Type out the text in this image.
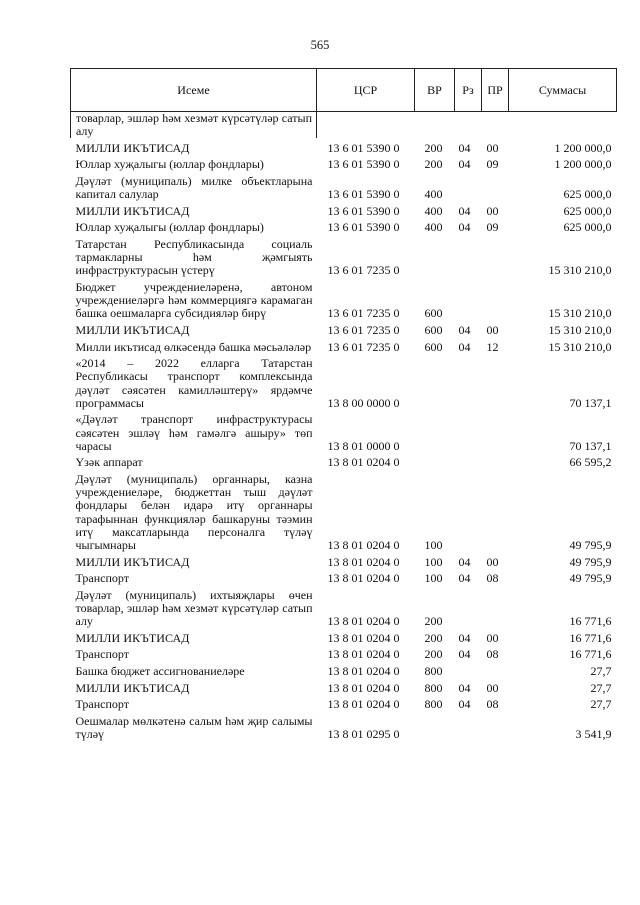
565
Исеме	ЦСР	ВР	Рз	ПР	Суммасы
товарлар, эшләр һәм хезмәт күрсәтүләр сатып алу					
МИЛЛИ ИКЪТИСАД	13 6 01 5390 0	200	04	00	1 200 000,0
Юллар хуҗалыгы (юллар фондлары)	13 6 01 5390 0	200	04	09	1 200 000,0
Дәүләт (муниципаль) милке объектларына капитал салулар	13 6 01 5390 0	400			625 000,0
МИЛЛИ ИКЪТИСАД	13 6 01 5390 0	400	04	00	625 000,0
Юллар хуҗалыгы (юллар фондлары)	13 6 01 5390 0	400	04	09	625 000,0
Татарстан Республикасында социаль тармакларны һәм җәмгыять инфраструктурасын үстерү	13 6 01 7235 0				15 310 210,0
Бюджет учреждениеләренә, автоном учреждениеләргә һәм коммерциягә карамаган башка оешмаларга субсидияләр бирү	13 6 01 7235 0	600			15 310 210,0
МИЛЛИ ИКЪТИСАД	13 6 01 7235 0	600	04	00	15 310 210,0
Милли икътисад өлкәсендә башка мәсьәләләр	13 6 01 7235 0	600	04	12	15 310 210,0
«2014 – 2022 елларга Татарстан Республикасы транспорт комплексында дәүләт сәясәтен камилләштерү» ярдәмче программасы	13 8 00 0000 0				70 137,1
«Дәүләт транспорт инфраструктурасы сәясәтен эшләү һәм гамәлгә ашыру» төп чарасы	13 8 01 0000 0				70 137,1
Үзәк аппарат	13 8 01 0204 0				66 595,2
Дәүләт (муниципаль) органнары, казна учреждениеләре, бюджеттан тыш дәүләт фондлары белән идарә итү органнары тарафыннан функцияләр башкаруны тәэмин итү максатларында персоналга түләү чыгымнары	13 8 01 0204 0	100			49 795,9
МИЛЛИ ИКЪТИСАД	13 8 01 0204 0	100	04	00	49 795,9
Транспорт	13 8 01 0204 0	100	04	08	49 795,9
Дәүләт (муниципаль) ихтыяҗлары өчен товарлар, эшләр һәм хезмәт күрсәтүләр сатып алу	13 8 01 0204 0	200			16 771,6
МИЛЛИ ИКЪТИСАД	13 8 01 0204 0	200	04	00	16 771,6
Транспорт	13 8 01 0204 0	200	04	08	16 771,6
Башка бюджет ассигнованиеләре	13 8 01 0204 0	800			27,7
МИЛЛИ ИКЪТИСАД	13 8 01 0204 0	800	04	00	27,7
Транспорт	13 8 01 0204 0	800	04	08	27,7
Оешмалар мөлкәтенә салым һәм җир салымы түләү	13 8 01 0295 0				3 541,9
